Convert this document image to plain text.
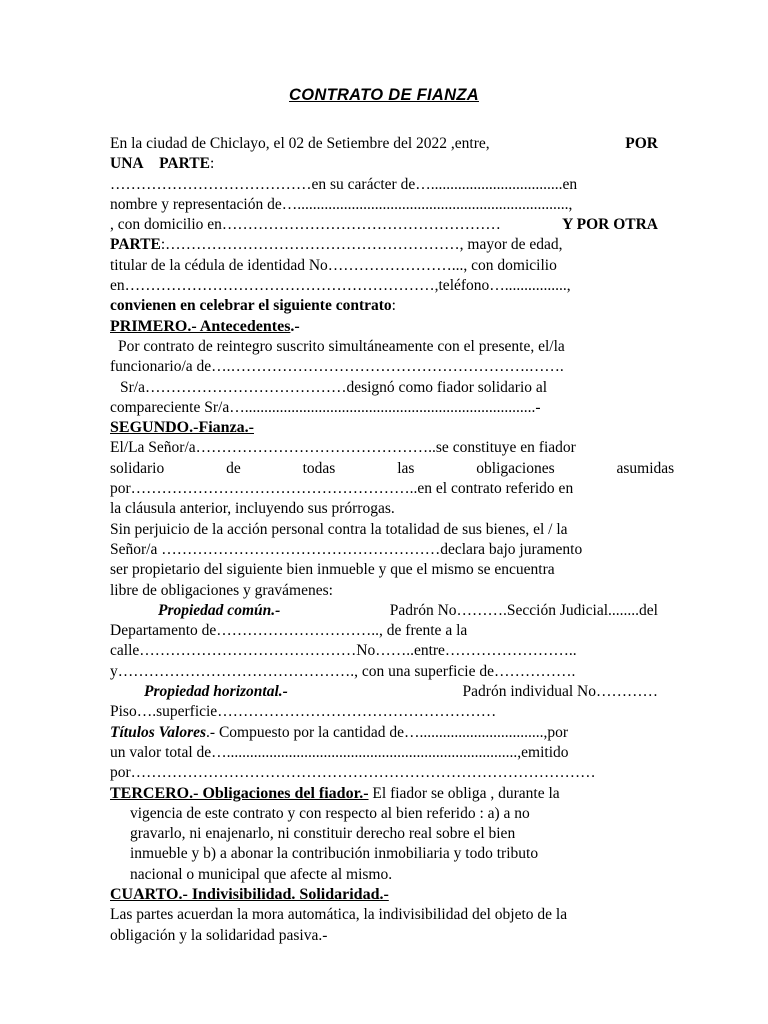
CONTRATO DE FIANZA
En la ciudad de Chiclayo, el 02 de Setiembre del 2022 ,entre,	POR
UNA PARTE:
…………………………………en su carácter de…..................................en
nombre y representación de…......................................................................,
, con domicilio en………………………………………………	Y POR OTRA
PARTE:…………………………………………………, mayor de edad,
titular de la cédula de identidad No……………………..., con domicilio
en……………………………………………………,teléfono…................,
convienen en celebrar el siguiente contrato:
PRIMERO.- Antecedentes.-
Por contrato de reintegro suscrito simultáneamente con el presente, el/la
funcionario/a de….………………………………………………….…….
Sr/a…………………………………designó como fiador solidario al
compareciente Sr/a…...........................................................................-
SEGUNDO.-Fianza.-
El/La Señor/a………………………………………..se constituye en fiador
solidario de todas las obligaciones asumidas
por………………………………………………..en el contrato referido en
la cláusula anterior, incluyendo sus prórrogas.
Sin perjuicio de la acción personal contra la totalidad de sus bienes, el / la
Señor/a ………………………………………………declara bajo juramento
ser propietario del siguiente bien inmueble y que el mismo se encuentra
libre de obligaciones y gravámenes:
Propiedad común.-	Padrón No……….Sección Judicial........del
Departamento de………………………….., de frente a la
calle……………………………………No……..entre……………………..
y………………………………………., con una superficie de…………….
Propiedad horizontal.-	Padrón individual No…………
Piso….superficie………………………………………………
Títulos Valores.- Compuesto por la cantidad de…................................,por
un valor total de…...........................................................................,emitido
por………………………………………………………………………………
TERCERO.- Obligaciones del fiador.- El fiador se obliga , durante la
vigencia de este contrato y con respecto al bien referido : a) a no
gravarlo, ni enajenarlo, ni constituir derecho real sobre el bien
inmueble y b) a abonar la contribución inmobiliaria y todo tributo
nacional o municipal que afecte al mismo.
CUARTO.- Indivisibilidad. Solidaridad.-
Las partes acuerdan la mora automática, la indivisibilidad del objeto de la
obligación y la solidaridad pasiva.-
